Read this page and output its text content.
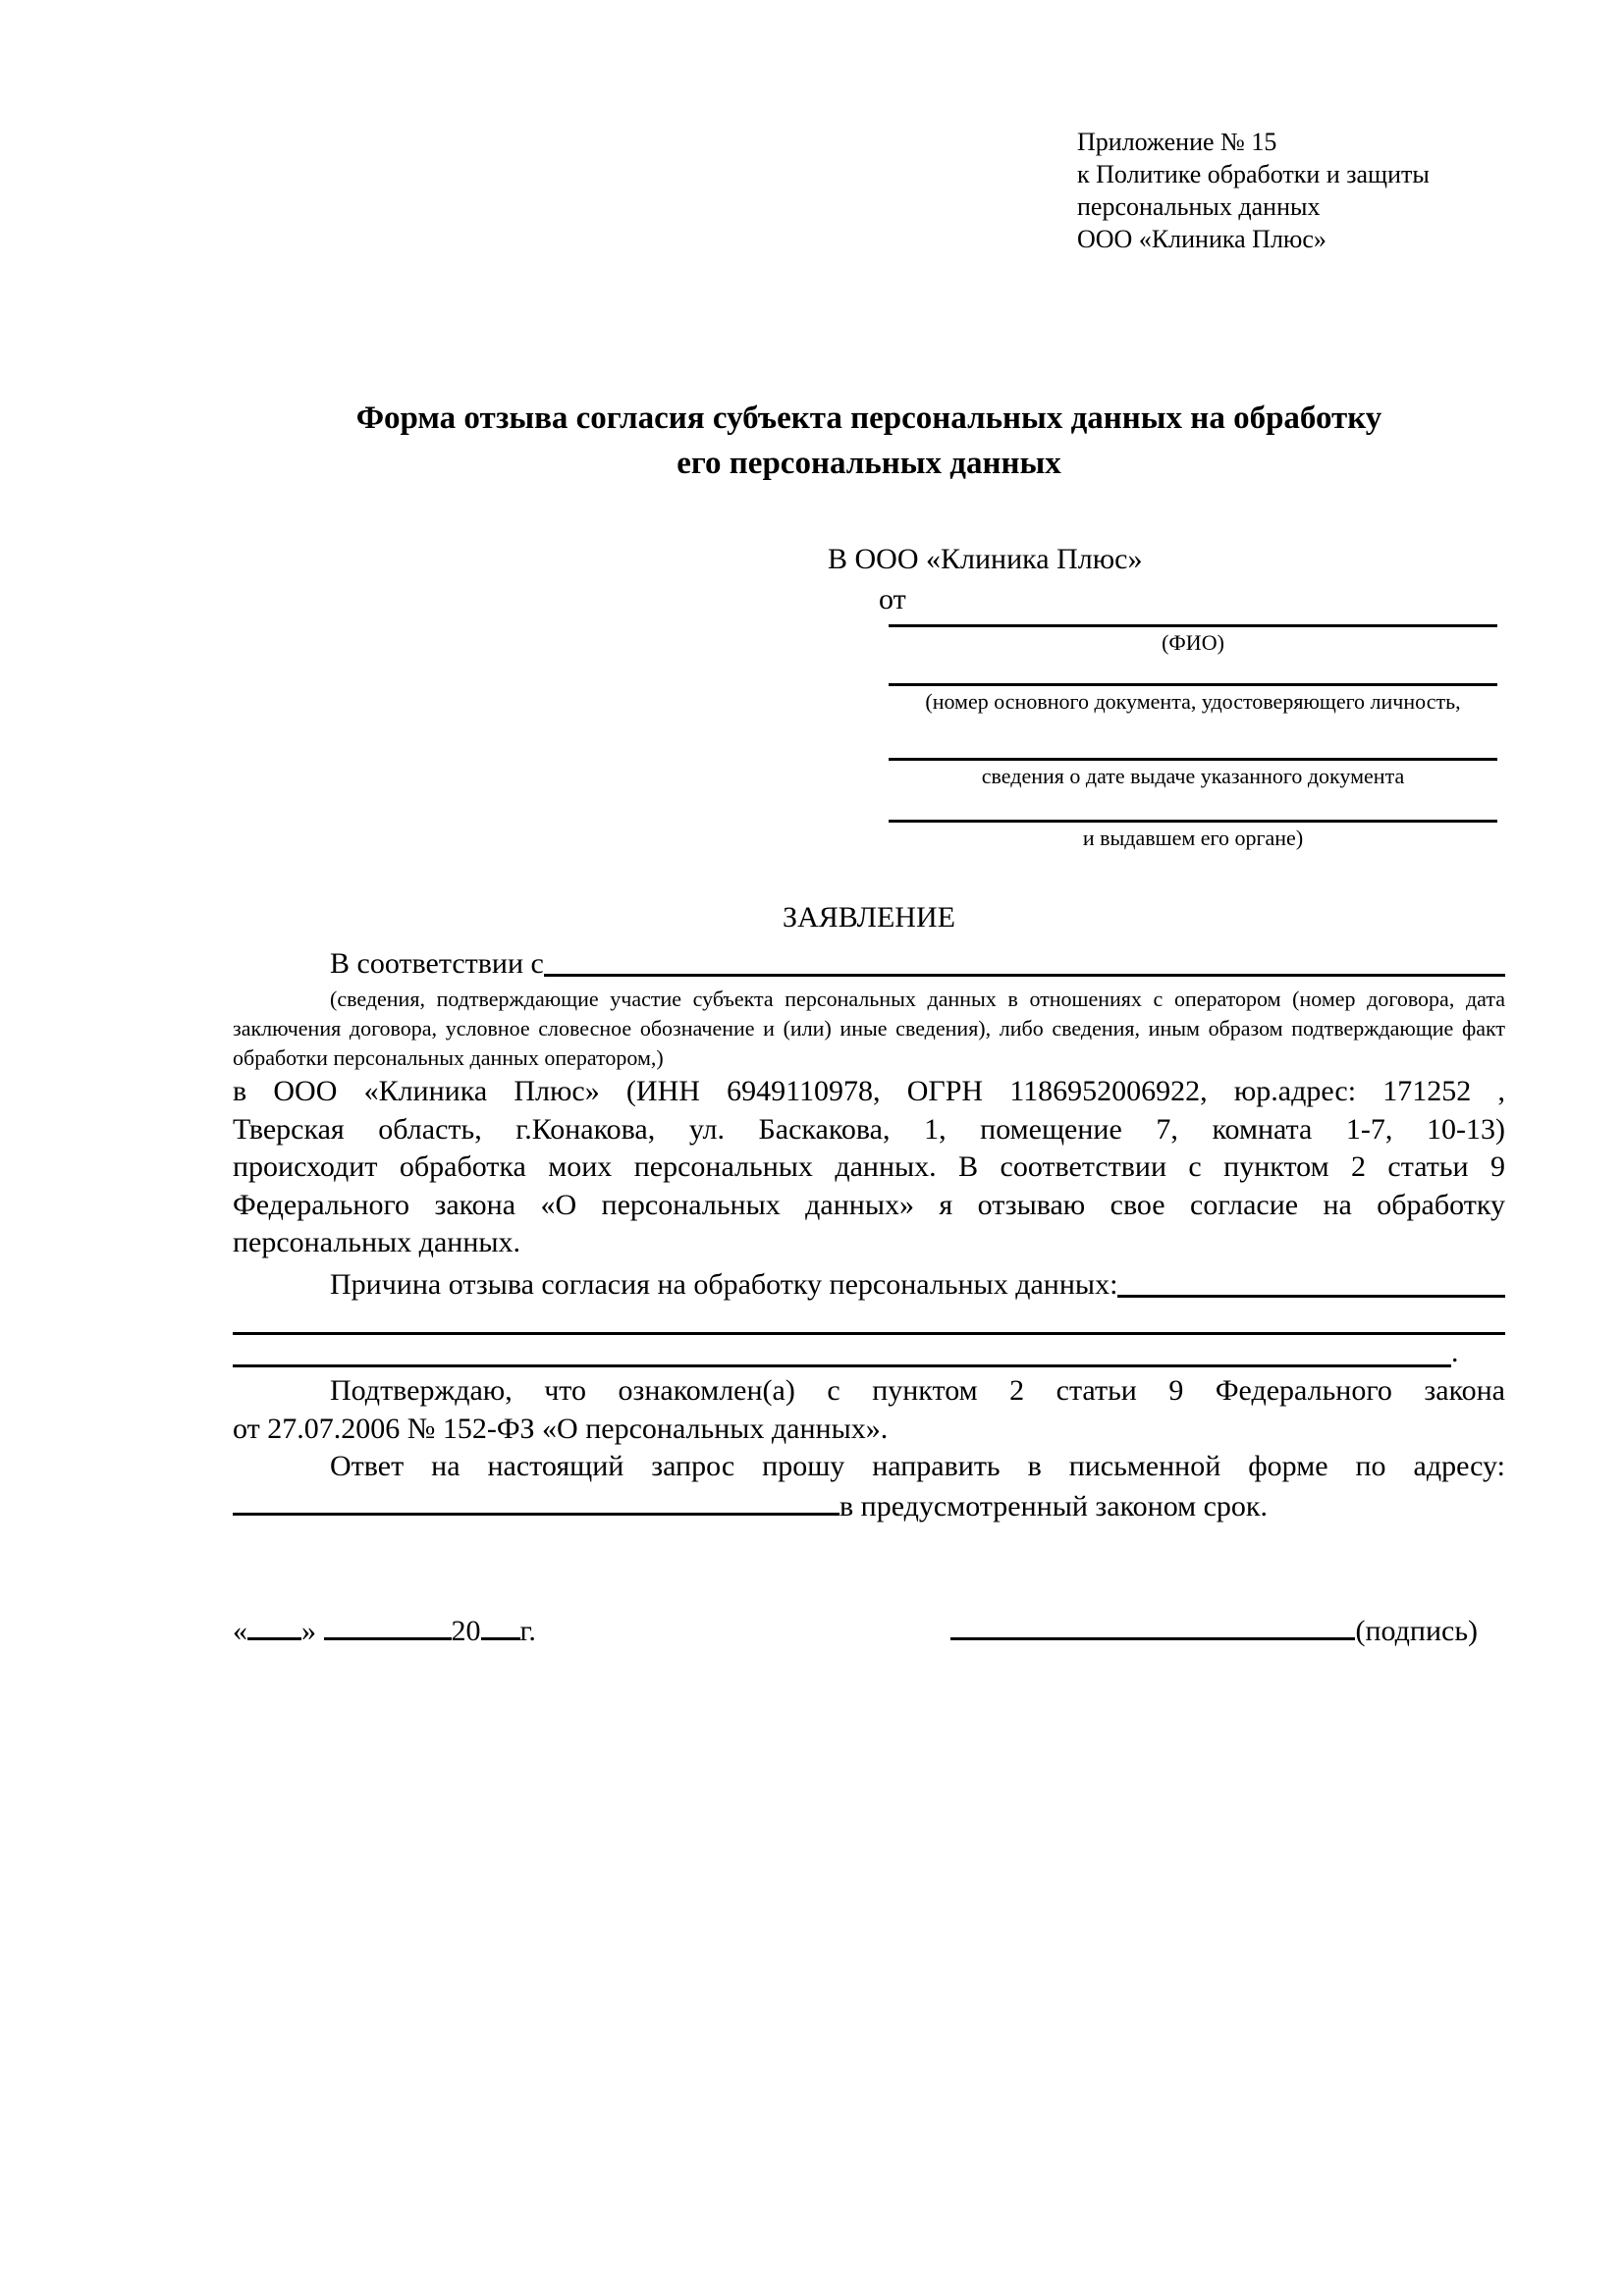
Приложение № 15
к Политике обработки и защиты
персональных данных
ООО «Клиника Плюс»
Форма отзыва согласия субъекта персональных данных на обработку
его персональных данных
В ООО «Клиника Плюс»
от
(ФИО)
(номер основного документа, удостоверяющего личность,
сведения о дате выдаче указанного документа
и выдавшем его органе)
ЗАЯВЛЕНИЕ
В соответствии с
(сведения, подтверждающие участие субъекта персональных данных в отношениях с оператором (номер договора, дата
заключения договора, условное словесное обозначение и (или) иные сведения), либо сведения, иным образом подтверждающие факт
обработки персональных данных оператором,)
в ООО «Клиника Плюс» (ИНН 6949110978, ОГРН 1186952006922, юр.адрес: 171252 ,
Тверская область, г.Конакова, ул. Баскакова, 1, помещение 7, комната 1-7, 10-13)
происходит обработка моих персональных данных. В соответствии с пунктом 2 статьи 9
Федерального закона «О персональных данных» я отзываю свое согласие на обработку
персональных данных.
Причина отзыва согласия на обработку персональных данных:
.
Подтверждаю, что ознакомлен(а) с пунктом 2 статьи 9 Федерального закона
от 27.07.2006 № 152-ФЗ «О персональных данных».
Ответ на настоящий запрос прошу направить в письменной форме по адресу:
в предусмотренный законом срок.
« »	20 г.	(подпись)
